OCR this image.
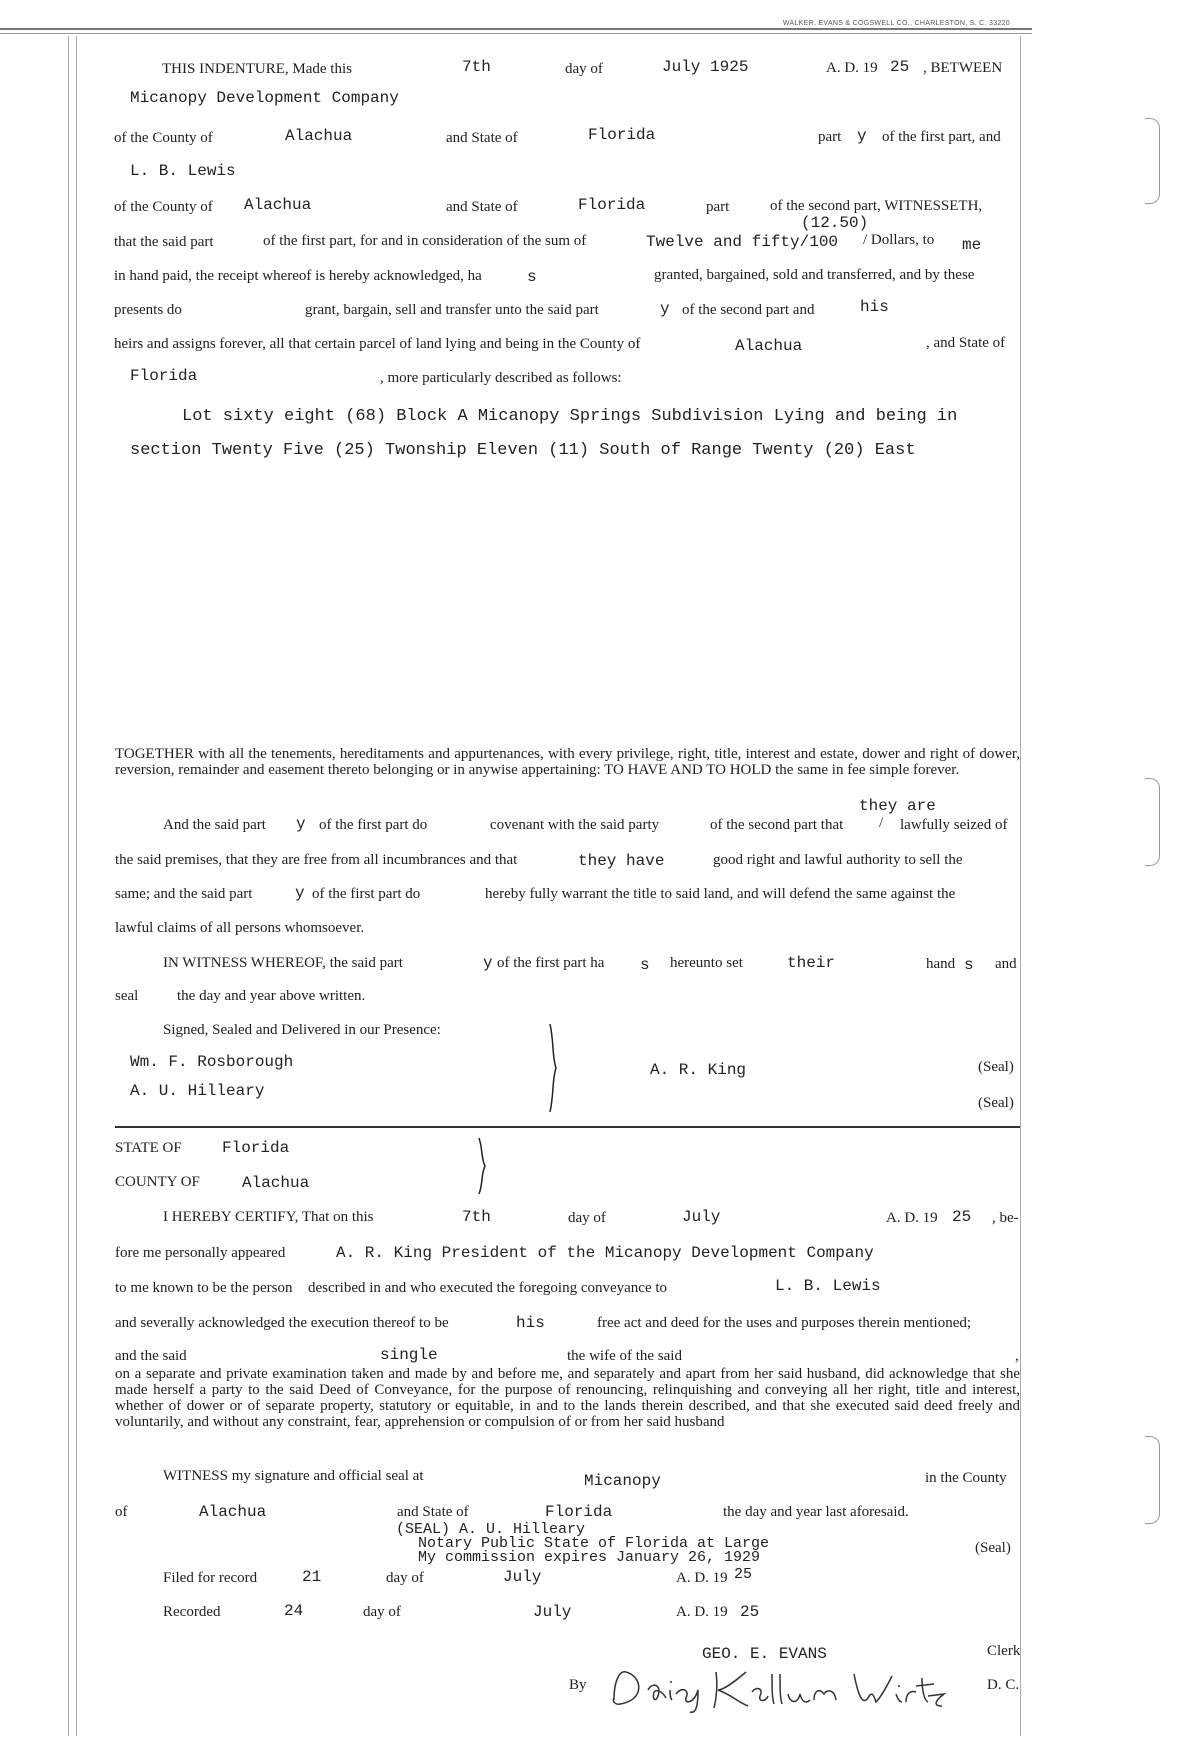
WALKER, EVANS & COGSWELL CO., CHARLESTON, S. C. 33220
THIS INDENTURE, Made this	7th	day of	July 1925	A. D. 19 25 , BETWEEN
Micanopy Development Company
of the County of	Alachua	and State of	Florida	part y of the first part, and
L. B. Lewis
of the County of Alachua	and State of	Florida	part	of the second part, WITNESSETH,
(12.50)
that the said part	of the first part, for and in consideration of the sum of	Twelve and fifty/100 / Dollars, to me
in hand paid, the receipt whereof is hereby acknowledged, ha	s	granted, bargained, sold and transferred, and by these
presents do	grant, bargain, sell and transfer unto the said part	y of the second part and	his
heirs and assigns forever, all that certain parcel of land lying and being in the County of	Alachua	, and State of
Florida	, more particularly described as follows:
Lot sixty eight (68) Block A Micanopy Springs Subdivision Lying and being in
section Twenty Five (25) Twonship Eleven (11) South of Range Twenty (20) East
TOGETHER with all the tenements, hereditaments and appurtenances, with every privilege, right, title, interest and estate, dower and right of dower, reversion, remainder and easement thereto belonging or in anywise appertaining: TO HAVE AND TO HOLD the same in fee simple forever.
they are
And the said part y of the first part do	covenant with the said party	of the second part that / lawfully seized of
the said premises, that they are free from all incumbrances and that	they have	good right and lawful authority to sell the
same; and the said part	y of the first part do	hereby fully warrant the title to said land, and will defend the same against the
lawful claims of all persons whomsoever.
IN WITNESS WHEREOF, the said part	y of the first part ha s hereunto set	their	hand s and
seal	the day and year above written.
Signed, Sealed and Delivered in our Presence:
Wm. F. Rosborough
A. U. Hilleary
A. R. King	(Seal)
(Seal)
STATE OF	Florida
COUNTY OF	Alachua
I HEREBY CERTIFY, That on this	7th	day of	July	A. D. 19 25 , be-
fore me personally appeared	A. R. King President of the Micanopy Development Company
to me known to be the person described in and who executed the foregoing conveyance to	L. B. Lewis
and severally acknowledged the execution thereof to be	his	free act and deed for the uses and purposes therein mentioned;
and the said	single	the wife of the said	,
on a separate and private examination taken and made by and before me, and separately and apart from her said husband, did acknowledge that she made herself a party to the said Deed of Conveyance, for the purpose of renouncing, relinquishing and conveying all her right, title and interest, whether of dower or of separate property, statutory or equitable, in and to the lands therein described, and that she executed said deed freely and voluntarily, and without any constraint, fear, apprehension or compulsion of or from her said husband
WITNESS my signature and official seal at	Micanopy	in the County
of	Alachua	and State of	Florida	the day and year last aforesaid.
(SEAL) A. U. Hilleary
Notary Public State of Florida at Large
My commission expires January 26, 1929
(Seal)
Filed for record	21	day of	July	A. D. 19 25
Recorded	24	day of	July	A. D. 19 25
GEO. E. EVANS	Clerk
By	D. C.
